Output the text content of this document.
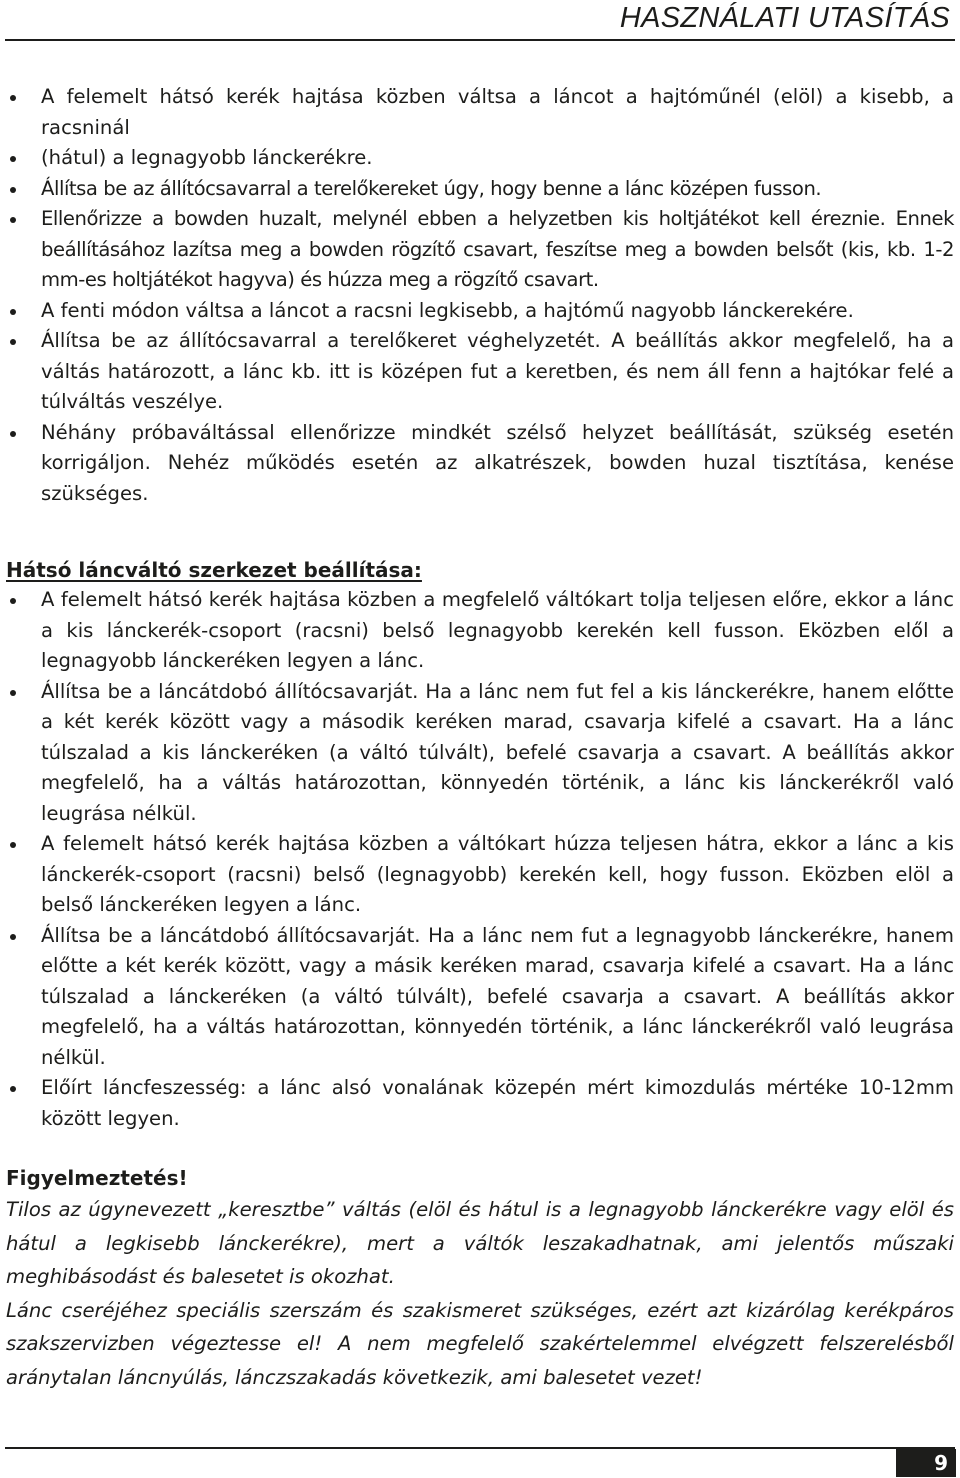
HASZNÁLATI UTASÍTÁS
A felemelt hátsó kerék hajtása közben váltsa a láncot a hajtóműnél (elöl) a kisebb, a racsninál
(hátul) a legnagyobb lánckerékre.
Állítsa be az állítócsavarral a terelőkereket úgy, hogy benne a lánc középen fusson.
Ellenőrizze a bowden huzalt, melynél ebben a helyzetben kis holtjátékot kell éreznie. Ennek beállításához lazítsa meg a bowden rögzítő csavart, feszítse meg a bowden belsőt (kis, kb. 1-2 mm-es holtjátékot hagyva) és húzza meg a rögzítő csavart.
A fenti módon váltsa a láncot a racsni legkisebb, a hajtómű nagyobb lánckerekére.
Állítsa be az állítócsavarral a terelőkeret véghelyzetét. A beállítás akkor megfelelő, ha a váltás határozott, a lánc kb. itt is középen fut a keretben, és nem áll fenn a hajtókar felé a túlváltás veszélye.
Néhány próbaváltással ellenőrizze mindkét szélső helyzet beállítását, szükség esetén korrigáljon. Nehéz működés esetén az alkatrészek, bowden huzal tisztítása, kenése szükséges.
Hátsó láncváltó szerkezet beállítása:
A felemelt hátsó kerék hajtása közben a megfelelő váltókart tolja teljesen előre, ekkor a lánc a kis lánckerék-csoport (racsni) belső legnagyobb kerekén kell fusson. Eközben elől a legnagyobb lánckeréken legyen a lánc.
Állítsa be a láncátdobó állítócsavarját. Ha a lánc nem fut fel a kis lánckerékre, hanem előtte a két kerék között vagy a második keréken marad, csavarja kifelé a csavart. Ha a lánc túlszalad a kis lánckeréken (a váltó túlvált), befelé csavarja a csavart. A beállítás akkor megfelelő, ha a váltás határozottan, könnyedén történik, a lánc kis lánckerékről való leugrása nélkül.
A felemelt hátsó kerék hajtása közben a váltókart húzza teljesen hátra, ekkor a lánc a kis lánckerék-csoport (racsni) belső (legnagyobb) kerekén kell, hogy fusson. Eközben elöl a belső lánckeréken legyen a lánc.
Állítsa be a láncátdobó állítócsavarját. Ha a lánc nem fut a legnagyobb lánckerékre, hanem előtte a két kerék között, vagy a másik keréken marad, csavarja kifelé a csavart. Ha a lánc túlszalad a lánckeréken (a váltó túlvált), befelé csavarja a csavart. A beállítás akkor megfelelő, ha a váltás határozottan, könnyedén történik, a lánc lánckerékről való leugrása nélkül.
Előírt láncfeszesség: a lánc alsó vonalának közepén mért kimozdulás mértéke 10-12mm között legyen.
Figyelmeztetés!

Tilos az úgynevezett „keresztbe” váltás (elöl és hátul is a legnagyobb lánckerékre vagy elöl és hátul a legkisebb lánckerékre), mert a váltók leszakadhatnak, ami jelentős műszaki meghibásodást és balesetet is okozhat.

Lánc cseréjéhez speciális szerszám és szakismeret szükséges, ezért azt kizárólag kerékpáros szakszervizben végeztesse el! A nem megfelelő szakértelemmel elvégzett felszerelésből aránytalan láncnyúlás, lánczszakadás következik, ami balesetet vezet!

9
